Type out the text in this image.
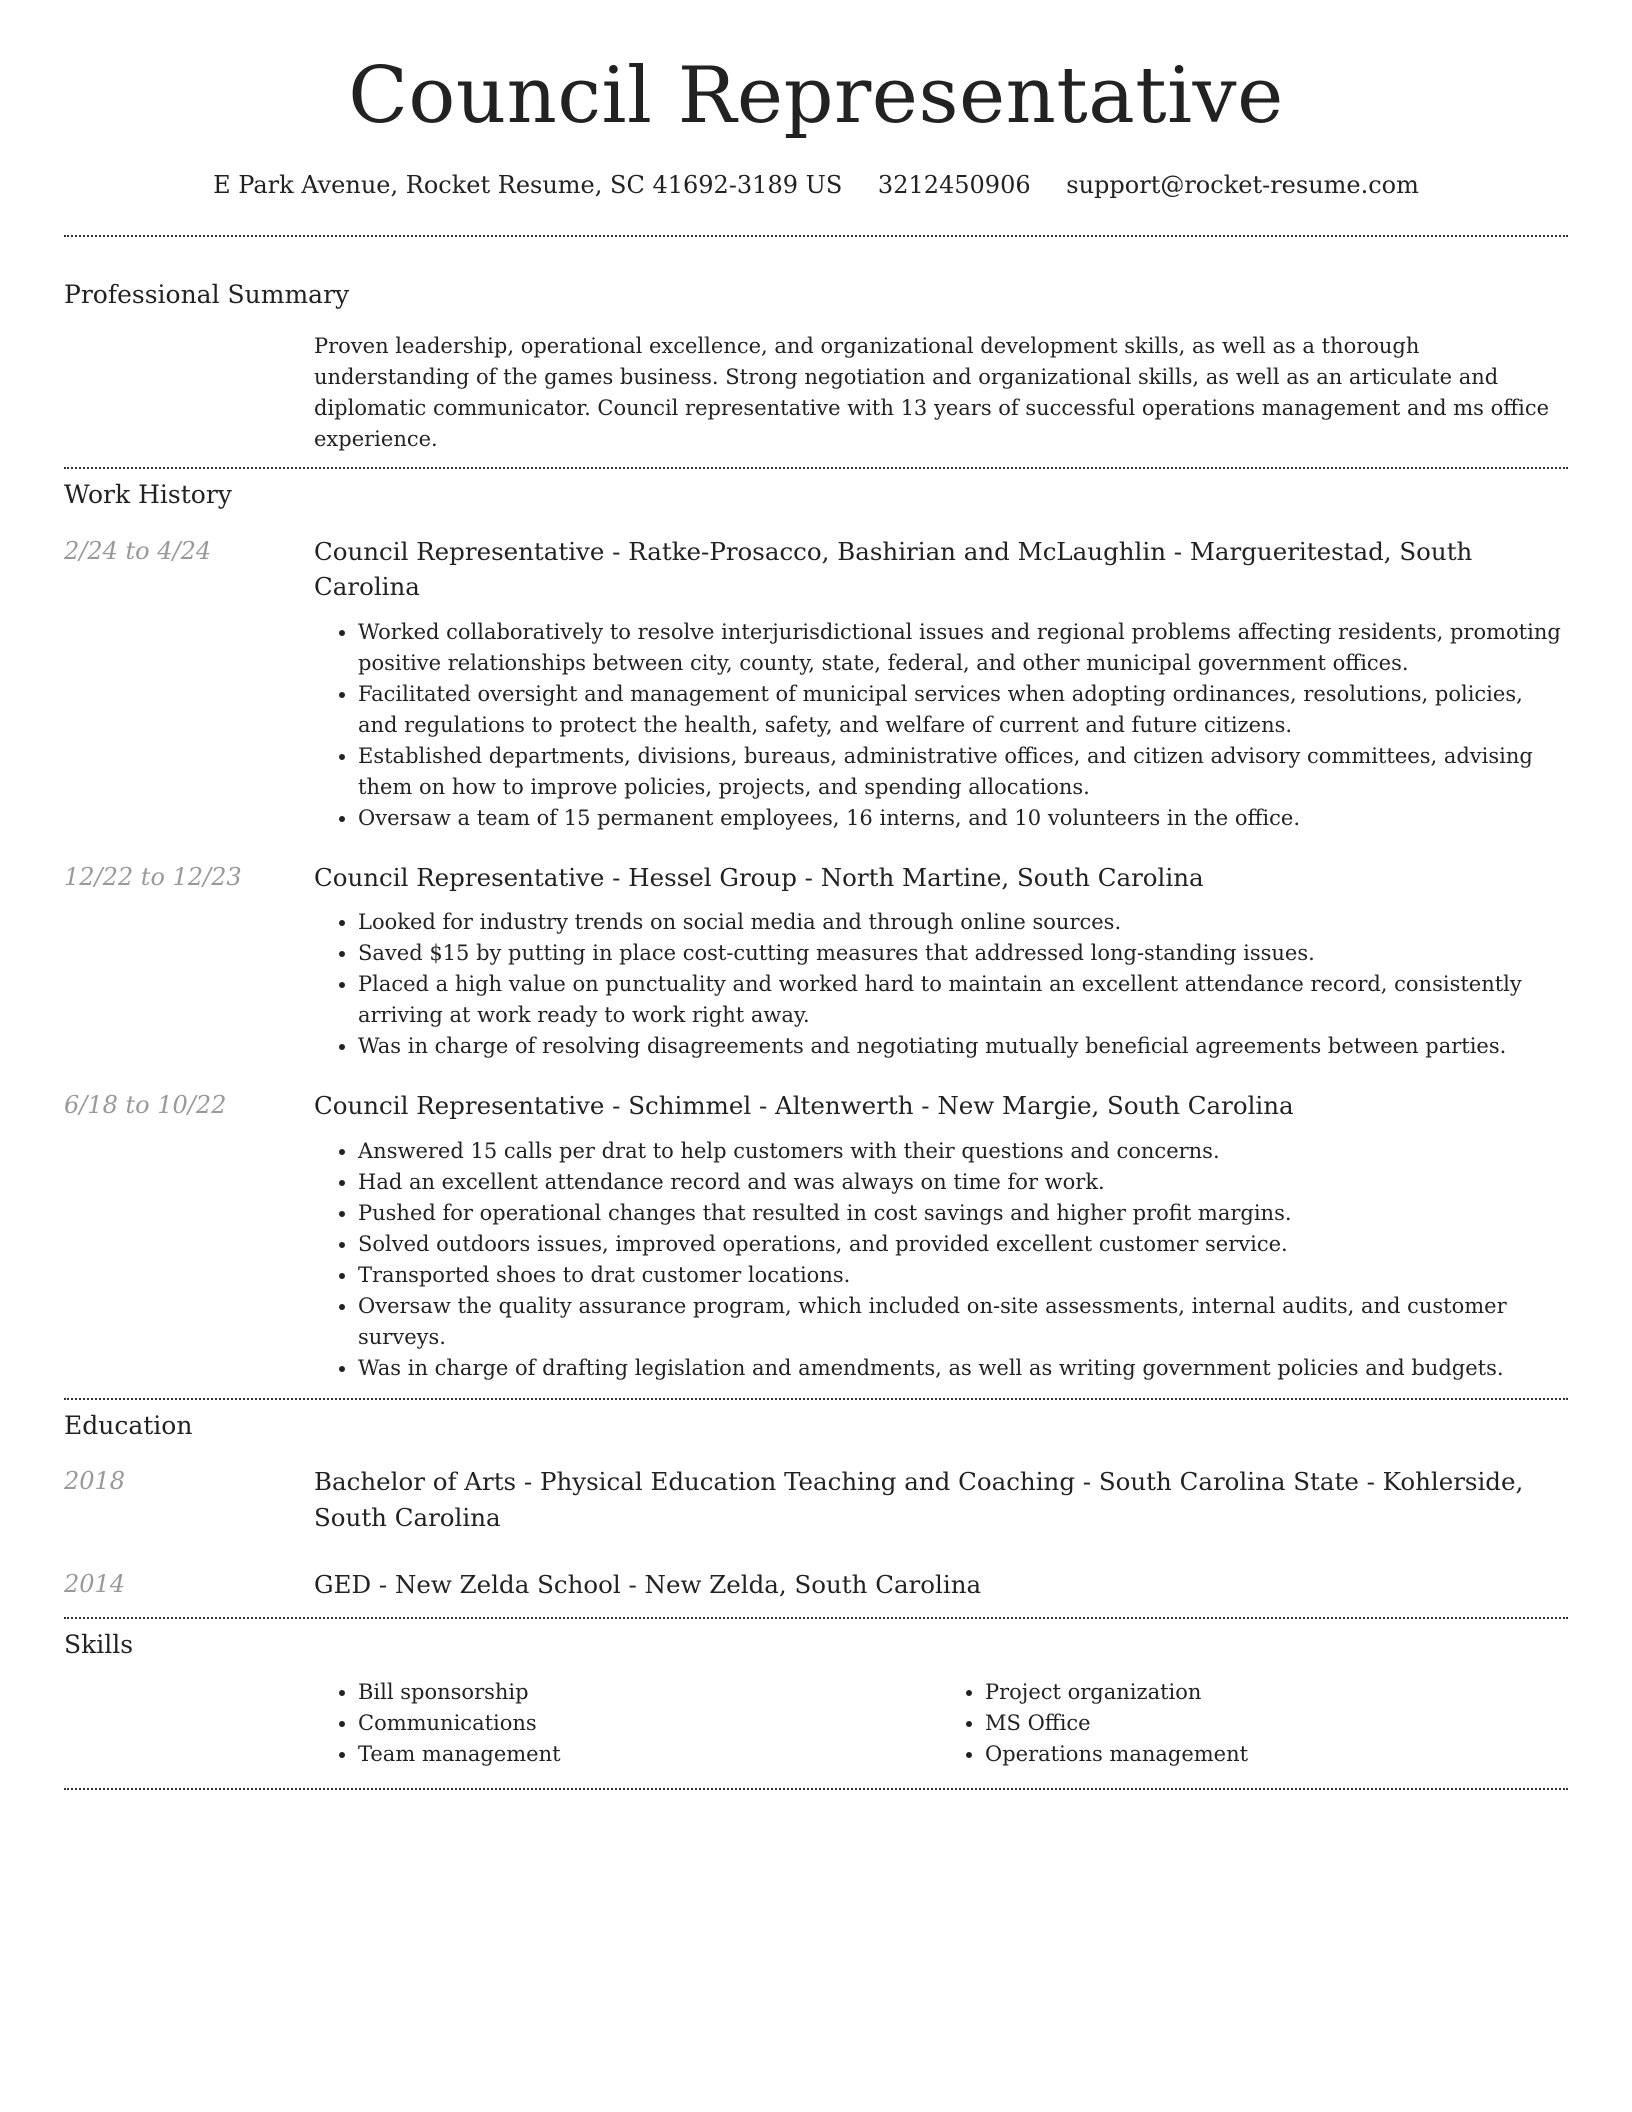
Council Representative
E Park Avenue, Rocket Resume, SC 41692-3189 US 3212450906 support@rocket-resume.com
Professional Summary

Proven leadership, operational excellence, and organizational development skills, as well as a thorough understanding of the games business. Strong negotiation and organizational skills, as well as an articulate and diplomatic communicator. Council representative with 13 years of successful operations management and ms office experience.

Work History
2/24 to 4/24	Council Representative - Ratke-Prosacco, Bashirian and McLaughlin - Margueritestad, South Carolina
• Worked collaboratively to resolve interjurisdictional issues and regional problems affecting residents, promoting positive relationships between city, county, state, federal, and other municipal government offices.
• Facilitated oversight and management of municipal services when adopting ordinances, resolutions, policies, and regulations to protect the health, safety, and welfare of current and future citizens.
• Established departments, divisions, bureaus, administrative offices, and citizen advisory committees, advising them on how to improve policies, projects, and spending allocations.
• Oversaw a team of 15 permanent employees, 16 interns, and 10 volunteers in the office.
12/22 to 12/23	Council Representative - Hessel Group - North Martine, South Carolina
• Looked for industry trends on social media and through online sources.
• Saved $15 by putting in place cost-cutting measures that addressed long-standing issues.
• Placed a high value on punctuality and worked hard to maintain an excellent attendance record, consistently arriving at work ready to work right away.
• Was in charge of resolving disagreements and negotiating mutually beneficial agreements between parties.
6/18 to 10/22	Council Representative - Schimmel - Altenwerth - New Margie, South Carolina
• Answered 15 calls per drat to help customers with their questions and concerns.
• Had an excellent attendance record and was always on time for work.
• Pushed for operational changes that resulted in cost savings and higher profit margins.
• Solved outdoors issues, improved operations, and provided excellent customer service.
• Transported shoes to drat customer locations.
• Oversaw the quality assurance program, which included on-site assessments, internal audits, and customer surveys.
• Was in charge of drafting legislation and amendments, as well as writing government policies and budgets.
Education
2018	Bachelor of Arts - Physical Education Teaching and Coaching - South Carolina State - Kohlerside, South Carolina
2014	GED - New Zelda School - New Zelda, South Carolina
Skills
• Bill sponsorship
• Communications
• Team management
• Project organization
• MS Office
• Operations management
